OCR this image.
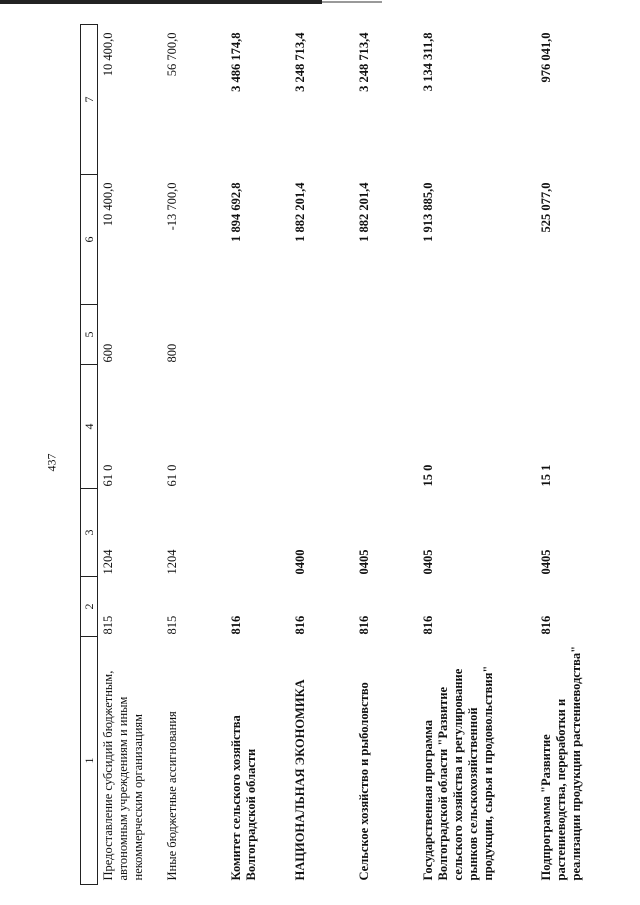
437
1	2	3	4	5	6	7
Предоставление субсидий бюджетным, автономным учреждениям и иным некоммерческим организациям	815	1204	61 0	600	10 400,0	10 400,0
Иные бюджетные ассигнования	815	1204	61 0	800	-13 700,0	56 700,0
Комитет сельского хозяйства Волгоградской области	816				1 894 692,8	3 486 174,8
НАЦИОНАЛЬНАЯ ЭКОНОМИКА	816	0400			1 882 201,4	3 248 713,4
Сельское хозяйство и рыболовство	816	0405			1 882 201,4	3 248 713,4
Государственная программа Волгоградской области "Развитие сельского хозяйства и регулирование рынков сельскохозяйственной продукции, сырья и продовольствия"	816	0405	15 0		1 913 885,0	3 134 311,8
Подпрограмма "Развитие растениеводства, переработки и реализации продукции растениеводства"	816	0405	15 1		525 077,0	976 041,0
